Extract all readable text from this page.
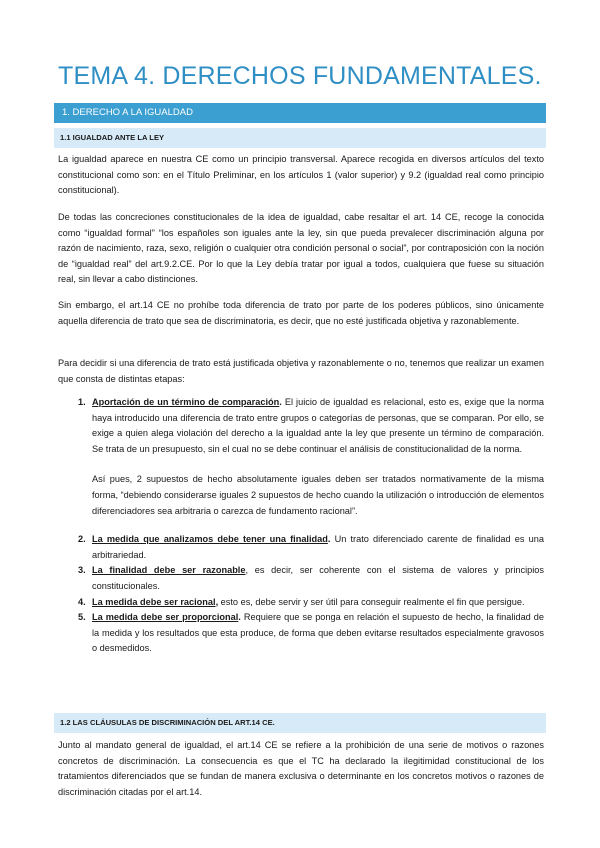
TEMA 4. DERECHOS FUNDAMENTALES.
1. DERECHO A LA IGUALDAD
1.1 IGUALDAD ANTE LA LEY

La igualdad aparece en nuestra CE como un principio transversal. Aparece recogida en diversos artículos del texto constitucional como son: en el Título Preliminar, en los artículos 1 (valor superior) y 9.2 (igualdad real como principio constitucional).

De todas las concreciones constitucionales de la idea de igualdad, cabe resaltar el art. 14 CE, recoge la conocida como “igualdad formal” “los españoles son iguales ante la ley, sin que pueda prevalecer discriminación alguna por razón de nacimiento, raza, sexo, religión o cualquier otra condición personal o social”, por contraposición con la noción de “igualdad real” del art.9.2.CE. Por lo que la Ley debía tratar por igual a todos, cualquiera que fuese su situación real, sin llevar a cabo distinciones.

Sin embargo, el art.14 CE no prohíbe toda diferencia de trato por parte de los poderes públicos, sino únicamente aquella diferencia de trato que sea de discriminatoria, es decir, que no esté justificada objetiva y razonablemente.

Para decidir si una diferencia de trato está justificada objetiva y razonablemente o no, tenemos que realizar un examen que consta de distintas etapas:

1. Aportación de un término de comparación. El juicio de igualdad es relacional, esto es, exige que la norma haya introducido una diferencia de trato entre grupos o categorías de personas, que se comparan. Por ello, se exige a quien alega violación del derecho a la igualdad ante la ley que presente un término de comparación. Se trata de un presupuesto, sin el cual no se debe continuar el análisis de constitucionalidad de la norma.
Así pues, 2 supuestos de hecho absolutamente iguales deben ser tratados normativamente de la misma forma, “debiendo considerarse iguales 2 supuestos de hecho cuando la utilización o introducción de elementos diferenciadores sea arbitraria o carezca de fundamento racional”.
2. La medida que analizamos debe tener una finalidad. Un trato diferenciado carente de finalidad es una arbitrariedad.
3. La finalidad debe ser razonable, es decir, ser coherente con el sistema de valores y principios constitucionales.
4. La medida debe ser racional, esto es, debe servir y ser útil para conseguir realmente el fin que persigue.
5. La medida debe ser proporcional. Requiere que se ponga en relación el supuesto de hecho, la finalidad de la medida y los resultados que esta produce, de forma que deben evitarse resultados especialmente gravosos o desmedidos.
1.2 LAS CLÁUSULAS DE DISCRIMINACIÓN DEL ART.14 CE.

Junto al mandato general de igualdad, el art.14 CE se refiere a la prohibición de una serie de motivos o razones concretos de discriminación. La consecuencia es que el TC ha declarado la ilegitimidad constitucional de los tratamientos diferenciados que se fundan de manera exclusiva o determinante en los concretos motivos o razones de discriminación citadas por el art.14.
